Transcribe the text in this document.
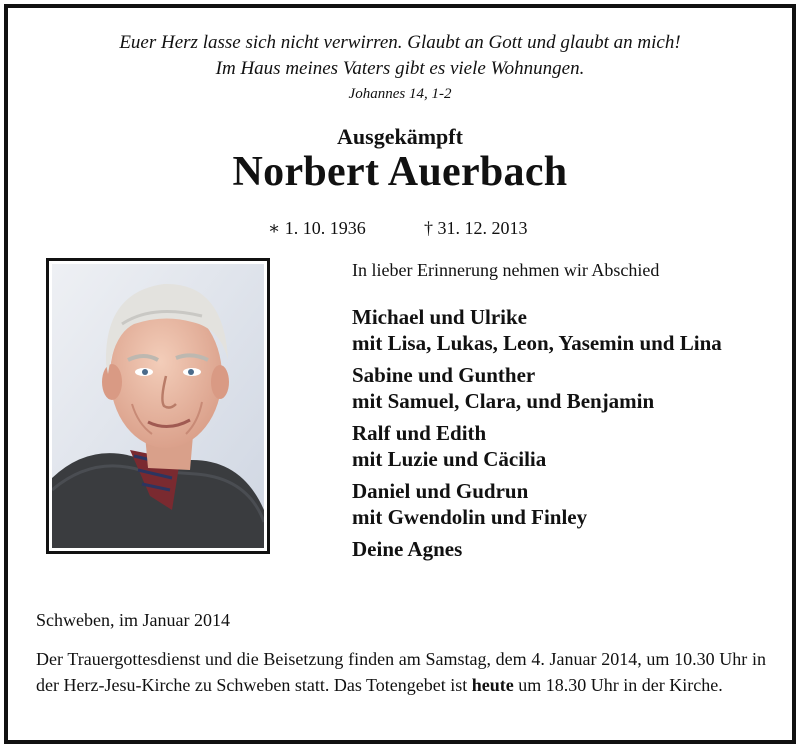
Euer Herz lasse sich nicht verwirren. Glaubt an Gott und glaubt an mich!
Im Haus meines Vaters gibt es viele Wohnungen.
Johannes 14, 1-2
Ausgekämpft
Norbert Auerbach
∗ 1. 10. 1936	† 31. 12. 2013
In lieber Erinnerung nehmen wir Abschied
Michael und Ulrike
mit Lisa, Lukas, Leon, Yasemin und Lina
Sabine und Gunther
mit Samuel, Clara, und Benjamin
Ralf und Edith
mit Luzie und Cäcilia
Daniel und Gudrun
mit Gwendolin und Finley
Deine Agnes
Schweben, im Januar 2014
Der Trauergottesdienst und die Beisetzung finden am Samstag, dem 4. Januar 2014, um 10.30 Uhr in der Herz-Jesu-Kirche zu Schweben statt. Das Totengebet ist heute um 18.30 Uhr in der Kirche.
